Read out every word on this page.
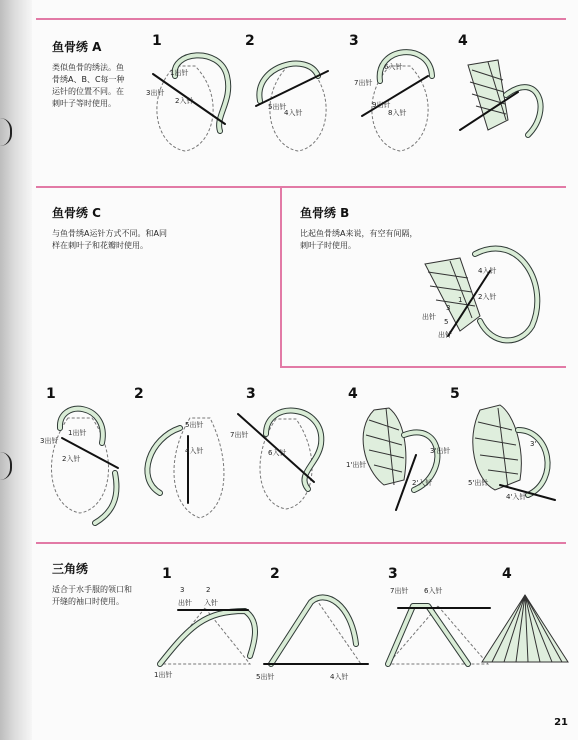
鱼骨绣 A

类似鱼骨的绣法。鱼

骨绣A、B、C每一种

运针的位置不同。在

刺叶子等时使用。

1	2	3	4
1出针
3出针
2入针
5出针
4入针
6入针
7出针
9出针
8入针
鱼骨绣 C

与鱼骨绣A运针方式不同。和A同

样在刺叶子和花瓣时使用。

鱼骨绣 B

比起鱼骨绣A来说，有空有间隔，

刺叶子时使用。

4入针
2入针
出针
出针
3
5
1
1	2	3	4	5
1出针
3出针
2入针
5出针
4入针
7出针
6入针
1'出针
3'出针
2'入针	5'出针
4'入针
3'
三角绣

适合于水手服的领口和

开缝的袖口时使用。

1	2	3	4
3	2
出针 入针
1出针	5出针	4入针
7出针 6入针
21
